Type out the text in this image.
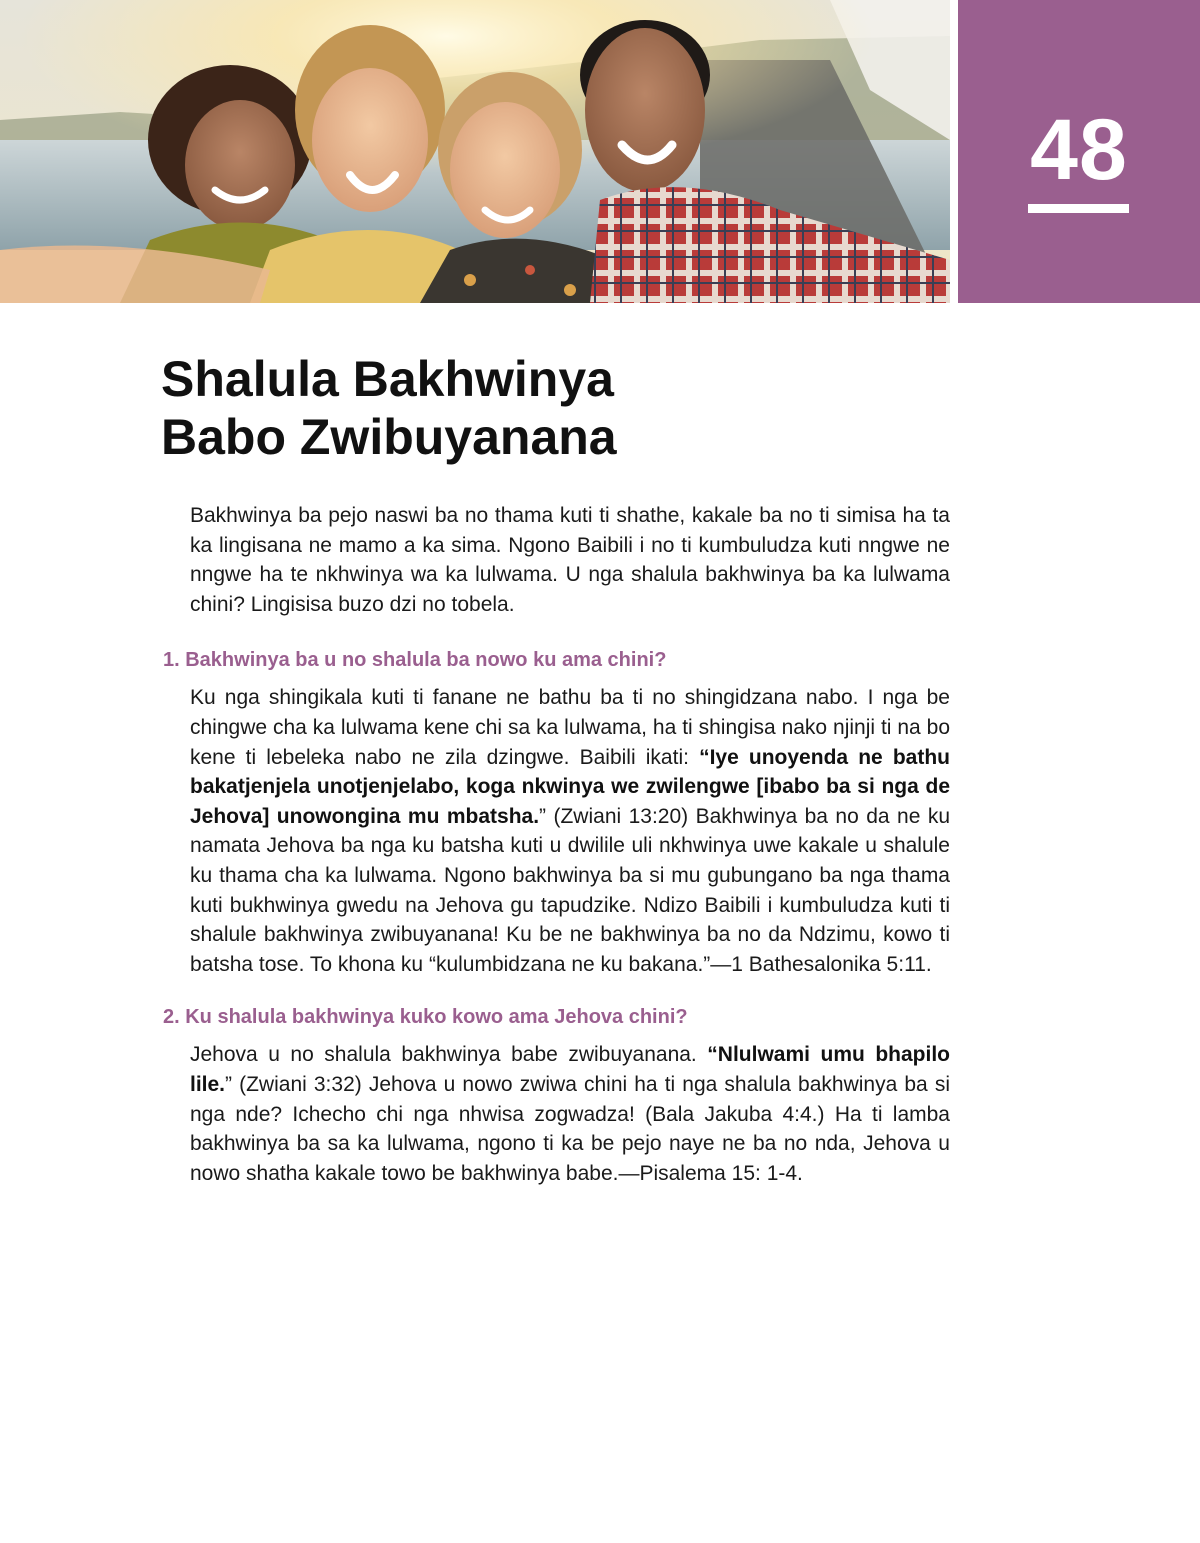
48
Shalula Bakhwinya
Babo Zwibuyanana

Bakhwinya ba pejo naswi ba no thama kuti ti shathe, kakale ba no ti simisa ha ta ka lingisana ne mamo a ka sima. Ngono Baibili i no ti kumbuludza kuti nngwe ne nngwe ha te nkhwinya wa ka lulwama. U nga shalula bakhwinya ba ka lulwama chini? Lingisisa buzo dzi no tobela.

1. Bakhwinya ba u no shalula ba nowo ku ama chini?

Ku nga shingikala kuti ti fanane ne bathu ba ti no shingidzana nabo. I nga be chingwe cha ka lulwama kene chi sa ka lulwama, ha ti shingisa nako njinji ti na bo kene ti lebeleka nabo ne zila dzingwe. Baibili ikati: “Iye unoyenda ne bathu bakatjenjela unotjenjelabo, koga nkwinya we zwilengwe [ibabo ba si nga de Jehova] unowongina mu mbatsha.” (Zwiani 13:20) Bakhwinya ba no da ne ku namata Jehova ba nga ku batsha kuti u dwilile uli nkhwinya uwe kakale u shalule ku thama cha ka lulwama. Ngono bakhwinya ba si mu gubungano ba nga thama kuti bukhwinya gwedu na Jehova gu tapudzike. Ndizo Baibili i kumbuludza kuti ti shalule bakhwinya zwibuyanana! Ku be ne bakhwinya ba no da Ndzimu, kowo ti batsha tose. To khona ku “kulumbidzana ne ku bakana.”—1 Bathesalonika 5:11.

2. Ku shalula bakhwinya kuko kowo ama Jehova chini?

Jehova u no shalula bakhwinya babe zwibuyanana. “Nlulwami umu bhapilo lile.” (Zwiani 3:32) Jehova u nowo zwiwa chini ha ti nga shalula bakhwinya ba si nga nde? Ichecho chi nga nhwisa zogwadza! (Bala Jakuba 4:4.) Ha ti lamba bakhwinya ba sa ka lulwama, ngono ti ka be pejo naye ne ba no nda, Jehova u nowo shatha kakale towo be bakhwinya babe.—Pisalema 15: 1-4.
